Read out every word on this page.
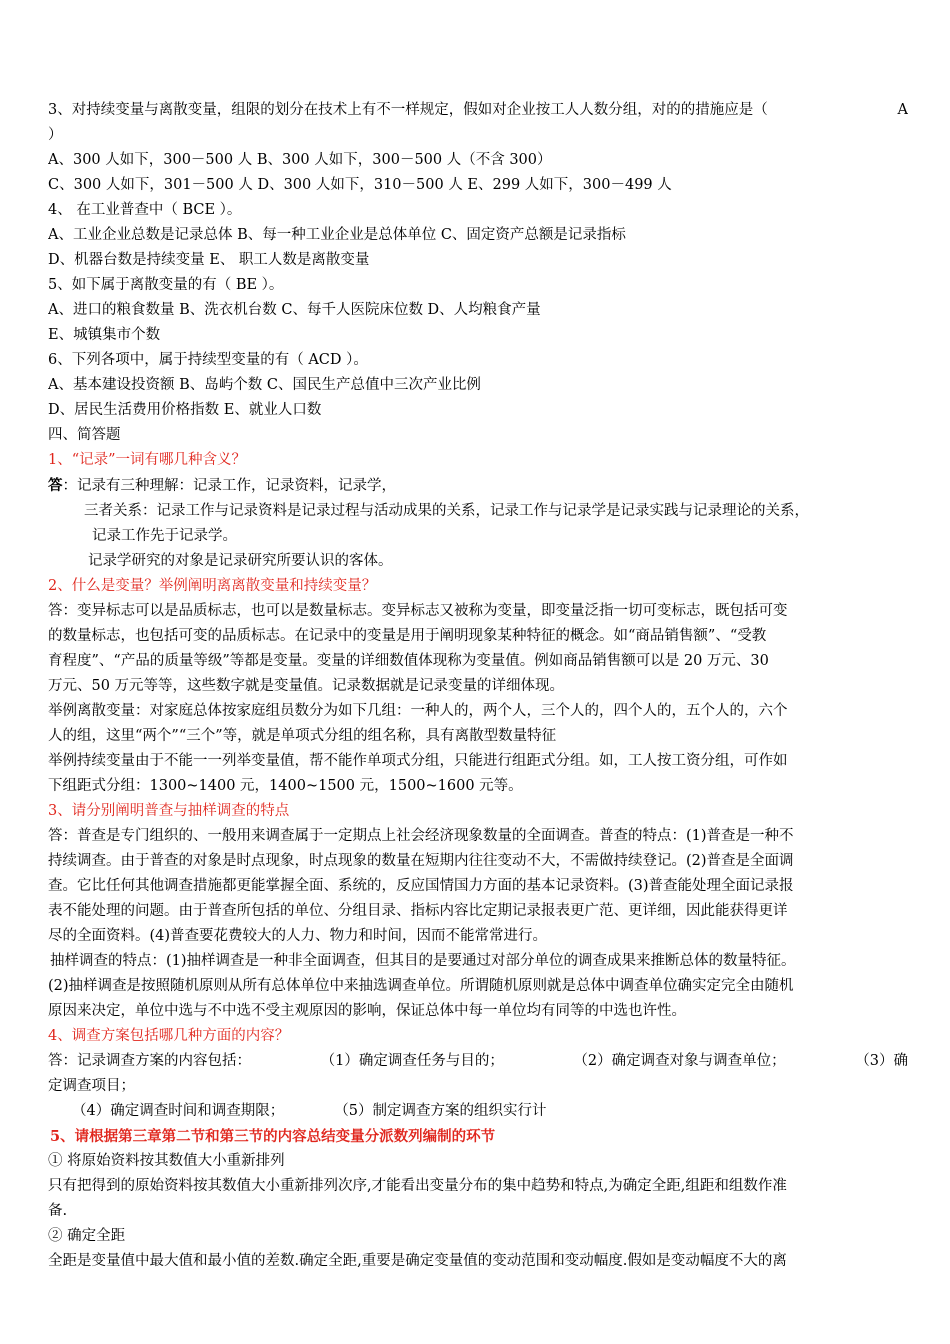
3、对持续变量与离散变量，组限的划分在技术上有不一样规定，假如对企业按工人人数分组，对的的措施应是（	A
）
A、300 人如下，300－500 人 B、300 人如下，300－500 人（不含 300）
C、300 人如下，301－500 人 D、300 人如下，310－500 人 E、299 人如下，300－499 人
4、 在工业普查中（ BCE ）。
A、工业企业总数是记录总体 B、每一种工业企业是总体单位 C、固定资产总额是记录指标
D、机器台数是持续变量 E、 职工人数是离散变量
5、如下属于离散变量的有（ BE ）。
A、进口的粮食数量 B、洗衣机台数 C、每千人医院床位数 D、人均粮食产量
E、城镇集市个数
6、下列各项中，属于持续型变量的有（ ACD ）。
A、基本建设投资额 B、岛屿个数 C、国民生产总值中三次产业比例
D、居民生活费用价格指数 E、就业人口数
四、简答题
1、“记录”一词有哪几种含义？
答：记录有三种理解：记录工作，记录资料，记录学，
三者关系：记录工作与记录资料是记录过程与活动成果的关系，记录工作与记录学是记录实践与记录理论的关系，
记录工作先于记录学。
记录学研究的对象是记录研究所要认识的客体。
2、什么是变量？举例阐明离离散变量和持续变量？
答：变异标志可以是品质标志，也可以是数量标志。变异标志又被称为变量，即变量泛指一切可变标志，既包括可变
的数量标志，也包括可变的品质标志。在记录中的变量是用于阐明现象某种特征的概念。如“商品销售额”、“受教
育程度”、“产品的质量等级”等都是变量。变量的详细数值体现称为变量值。例如商品销售额可以是 20 万元、30
万元、50 万元等等，这些数字就是变量值。记录数据就是记录变量的详细体现。
举例离散变量：对家庭总体按家庭组员数分为如下几组：一种人的，两个人，三个人的，四个人的，五个人的，六个
人的组，这里“两个”“三个”等，就是单项式分组的组名称，具有离散型数量特征
举例持续变量由于不能一一列举变量值，帮不能作单项式分组，只能进行组距式分组。如，工人按工资分组，可作如
下组距式分组：1300~1400 元，1400~1500 元，1500~1600 元等。
3、请分别阐明普查与抽样调查的特点
答：普查是专门组织的、一般用来调查属于一定期点上社会经济现象数量的全面调查。普查的特点：(1)普查是一种不
持续调查。由于普查的对象是时点现象，时点现象的数量在短期内往往变动不大，不需做持续登记。(2)普查是全面调
查。它比任何其他调查措施都更能掌握全面、系统的，反应国情国力方面的基本记录资料。(3)普查能处理全面记录报
表不能处理的问题。由于普查所包括的单位、分组目录、指标内容比定期记录报表更广范、更详细，因此能获得更详
尽的全面资料。(4)普查要花费较大的人力、物力和时间，因而不能常常进行。
抽样调查的特点：(1)抽样调查是一种非全面调查，但其目的是要通过对部分单位的调查成果来推断总体的数量特征。
(2)抽样调查是按照随机原则从所有总体单位中来抽选调查单位。所谓随机原则就是总体中调查单位确实定完全由随机
原因来决定，单位中选与不中选不受主观原因的影响，保证总体中每一单位均有同等的中选也许性。
4、调查方案包括哪几种方面的内容？
答：记录调查方案的内容包括：	（1）确定调查任务与目的；	（2）确定调查对象与调查单位；	（3）确
定调查项目；
（4）确定调查时间和调查期限；	（5）制定调查方案的组织实行计
5、请根据第三章第二节和第三节的内容总结变量分派数列编制的环节
① 将原始资料按其数值大小重新排列
只有把得到的原始资料按其数值大小重新排列次序,才能看出变量分布的集中趋势和特点,为确定全距,组距和组数作准
备.
② 确定全距
全距是变量值中最大值和最小值的差数.确定全距,重要是确定变量值的变动范围和变动幅度.假如是变动幅度不大的离
